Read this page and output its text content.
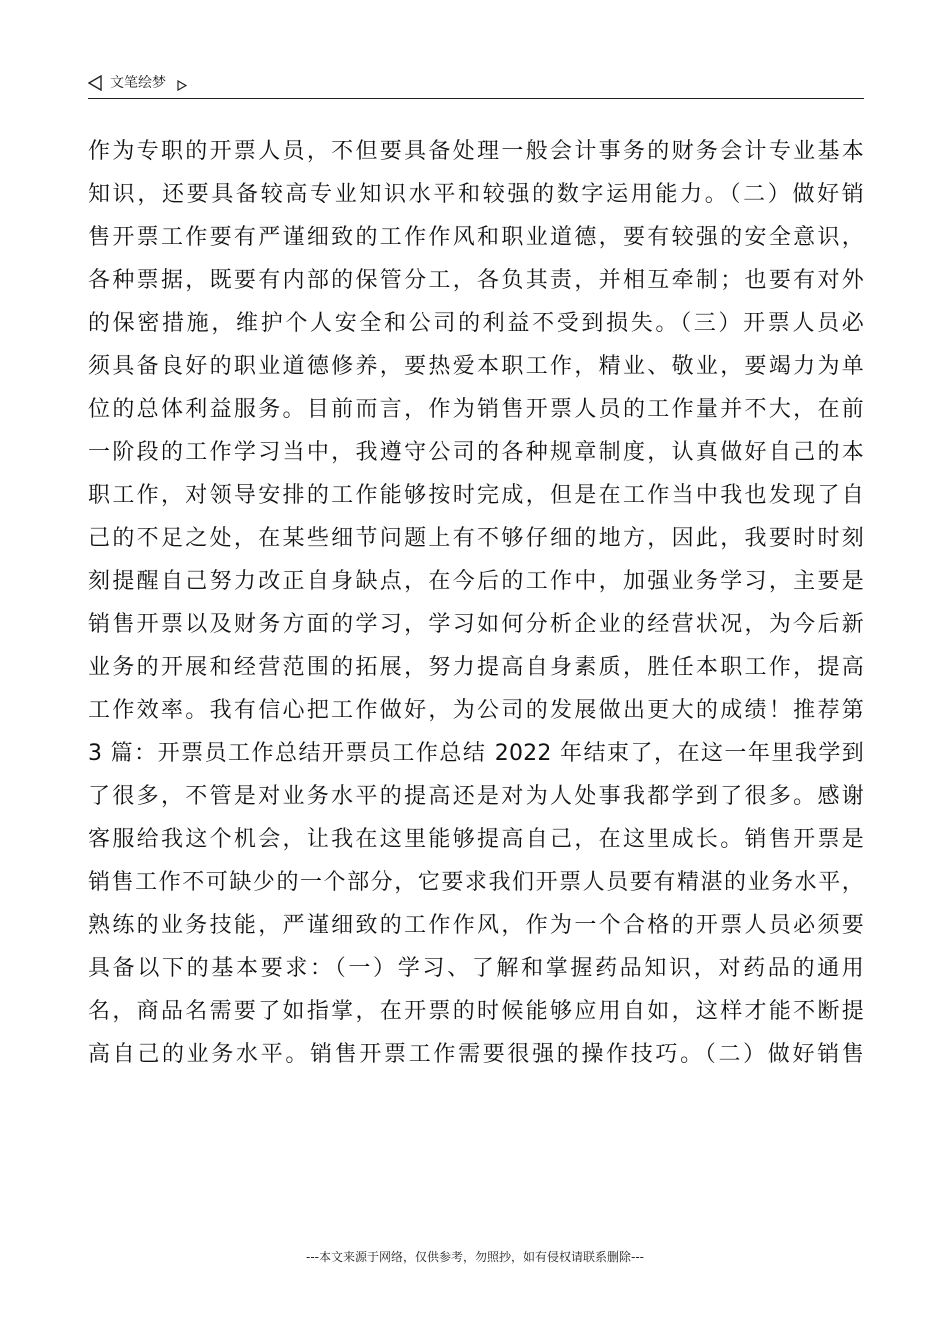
文笔绘梦
作为专职的开票人员，不但要具备处理一般会计事务的财务会计专业基本
知识，还要具备较高专业知识水平和较强的数字运用能力。（二）做好销
售开票工作要有严谨细致的工作作风和职业道德，要有较强的安全意识，
各种票据，既要有内部的保管分工，各负其责，并相互牵制；也要有对外
的保密措施，维护个人安全和公司的利益不受到损失。（三）开票人员必
须具备良好的职业道德修养，要热爱本职工作，精业、敬业，要竭力为单
位的总体利益服务。目前而言，作为销售开票人员的工作量并不大，在前
一阶段的工作学习当中，我遵守公司的各种规章制度，认真做好自己的本
职工作，对领导安排的工作能够按时完成，但是在工作当中我也发现了自
己的不足之处，在某些细节问题上有不够仔细的地方，因此，我要时时刻
刻提醒自己努力改正自身缺点，在今后的工作中，加强业务学习，主要是
销售开票以及财务方面的学习，学习如何分析企业的经营状况，为今后新
业务的开展和经营范围的拓展，努力提高自身素质，胜任本职工作，提高
工作效率。我有信心把工作做好，为公司的发展做出更大的成绩！推荐第
3 篇：开票员工作总结开票员工作总结 2022 年结束了，在这一年里我学到
了很多，不管是对业务水平的提高还是对为人处事我都学到了很多。感谢
客服给我这个机会，让我在这里能够提高自己，在这里成长。销售开票是
销售工作不可缺少的一个部分，它要求我们开票人员要有精湛的业务水平，
熟练的业务技能，严谨细致的工作作风，作为一个合格的开票人员必须要
具备以下的基本要求：（一）学习、了解和掌握药品知识，对药品的通用
名，商品名需要了如指掌，在开票的时候能够应用自如，这样才能不断提
高自己的业务水平。销售开票工作需要很强的操作技巧。（二）做好销售
---本文来源于网络，仅供参考，勿照抄，如有侵权请联系删除---
